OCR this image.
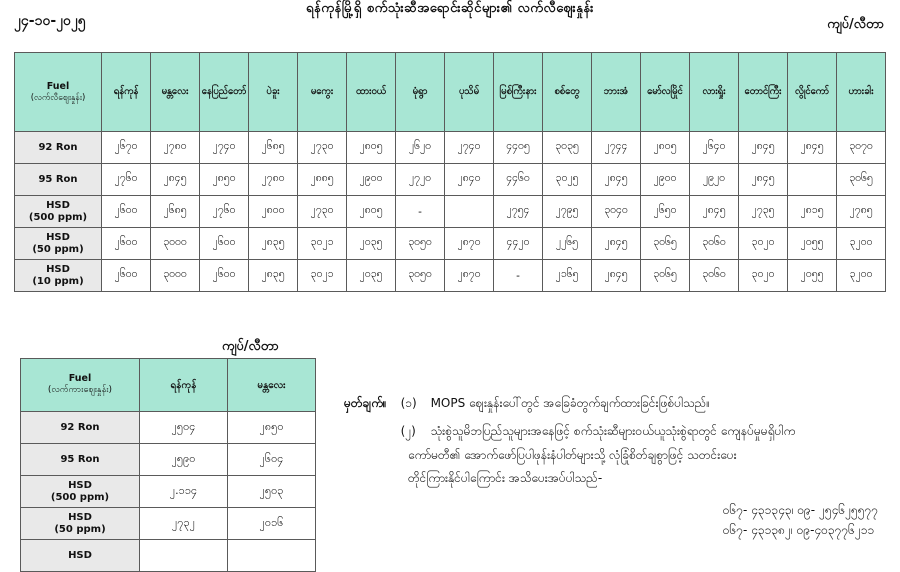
ရန်ကုန်မြို့ရှိ စက်သုံးဆီအရောင်းဆိုင်များ၏ လက်လီဈေးနှုန်း
၂၄-၁၀-၂၀၂၅	ကျပ်/လီတာ
Fuel
(လက်လီဈေးနှုန်း)	ရန်ကုန်	မန္တလေး	နေပြည်တော်	ပဲခူး	မကွေး	ထားဝယ်	မုံရွာ	ပုသိမ်	မြစ်ကြီးနား	စစ်တွေ	ဘားအံ	မော်လမြိုင်	လားရှိုး	တောင်ကြီး	လွိုင်ကော်	ဟားခါး
92 Ron	၂၆၇၀	၂၇၈၀	၂၇၄၀	၂၆၈၅	၂၇၃၀	၂၈၀၅	၂၆၂၀	၂၇၄၀	၄၄၀၅	၃၀၃၅	၂၇၄၄	၂၈၀၅	၂၆၄၀	၂၈၄၅	၂၈၄၅	၃၀၇၀
95 Ron	၂၇၆၀	၂၈၄၅	၂၈၅၀	၂၇၈၀	၂၈၈၅	၂၉၀၀	၂၇၂၀	၂၈၄၀	၄၄၆၀	၃၀၂၅	၂၈၄၅	၂၉၀၀	၂၉၂၀	၂၈၄၅		၃၀၆၅
HSD
(500 ppm)	၂၆၀၀	၂၆၈၅	၂၇၆၀	၂၈၀၀	၂၇၃၀	၂၈၀၅	-		၂၇၅၄	၂၇၉၅	၃၀၄၀	၂၆၅၀	၂၈၄၅	၂၇၃၅	၂၈၁၅	၂၇၈၅
HSD
(50 ppm)	၂၆၀၀	၃၀၀၀	၂၆၀၀	၂၈၃၅	၃၀၂၁	၂၀၃၅	၃၀၅၀	၂၈၇၀	၄၄၂၀	၂၂၆၅	၂၈၄၅	၃၀၆၅	၃၀၆၀	၃၀၂၀	၂၀၅၅	၃၂၀၀
HSD
(10 ppm)	၂၆၀၀	၃၀၀၀	၂၆၀၀	၂၈၃၅	၃၀၂၁	၂၀၃၅	၃၀၅၀	၂၈၇၀	-	၂၁၆၅	၂၈၄၅	၃၀၆၅	၃၀၆၀	၃၀၂၀	၂၀၅၅	၃၂၀၀
ကျပ်/လီတာ
Fuel
(လက်ကားဈေးနှုန်း)	ရန်ကုန်	မန္တလေး
92 Ron	၂၅၀၄	၂၈၅၀
95 Ron	၂၅၉၀	၂၆၀၄
HSD
(500 ppm)	၂.၁၁၄	၂၅၀၃
HSD
(50 ppm)	၂၇၃၂	၂၀၁၆
HSD		
မှတ်ချက်။ (၁)	MOPS ဈေးနှုန်းပေါ်တွင် အခြေခံတွက်ချက်ထားခြင်းဖြစ်ပါသည်။
(၂)	သုံးစွဲသူမိဘပြည်သူများအနေဖြင့် စက်သုံးဆီများဝယ်ယူသုံးစွဲရာတွင် ကျေနပ်မှုမရှိပါက
ကော်မတီ၏ အောက်ဖော်ပြပါဖုန်းနံပါတ်များသို့ လုံခြုံစိတ်ချစွာဖြင့် သတင်းပေး
တိုင်ကြားနိုင်ပါကြောင်း အသိပေးအပ်ပါသည်-
ဝ၆၇- ၄၃၁၃၄၃၊ ဝ၉- ၂၅၄၆၂၅၅၇၇
ဝ၆၇- ၄၃၁၃၈၂၊ ၀၉-၄၀၃၇၇၆၂၁၁
